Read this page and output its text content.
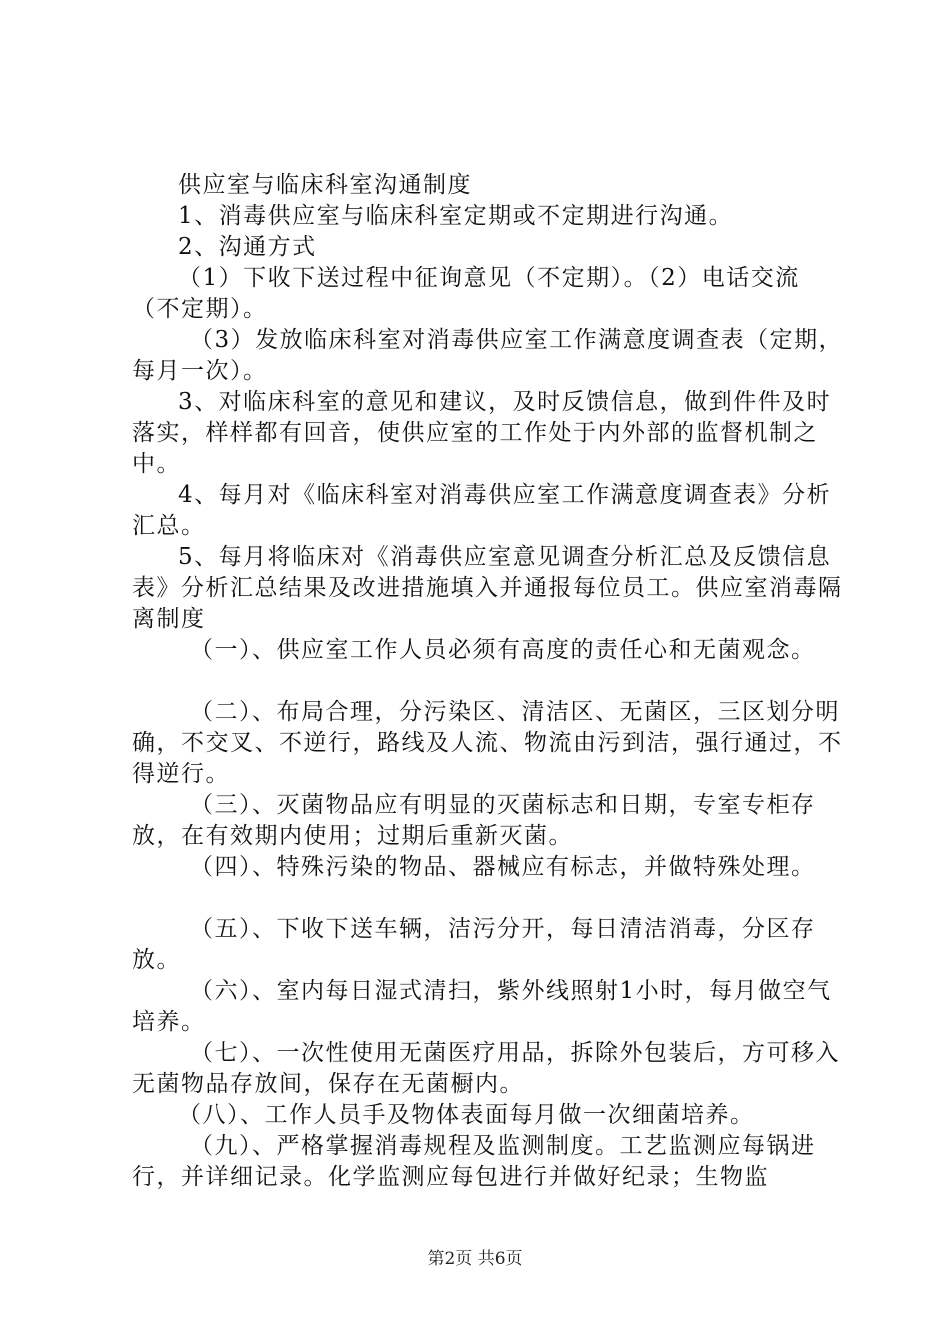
供应室与临床科室沟通制度

1、消毒供应室与临床科室定期或不定期进行沟通。

2、沟通方式

（1）下收下送过程中征询意见（不定期）。（2）电话交流（不定期）。

（3）发放临床科室对消毒供应室工作满意度调查表（定期，每月一次）。

3、对临床科室的意见和建议，及时反馈信息，做到件件及时落实，样样都有回音，使供应室的工作处于内外部的监督机制之中。

4、每月对《临床科室对消毒供应室工作满意度调查表》分析汇总。

5、每月将临床对《消毒供应室意见调查分析汇总及反馈信息表》分析汇总结果及改进措施填入并通报每位员工。供应室消毒隔离制度

（一）、供应室工作人员必须有高度的责任心和无菌观念。

（二）、布局合理，分污染区、清洁区、无菌区，三区划分明确，不交叉、不逆行，路线及人流、物流由污到洁，强行通过，不得逆行。

（三）、灭菌物品应有明显的灭菌标志和日期，专室专柜存放，在有效期内使用；过期后重新灭菌。

（四）、特殊污染的物品、器械应有标志，并做特殊处理。

（五）、下收下送车辆，洁污分开，每日清洁消毒，分区存放。

（六）、室内每日湿式清扫，紫外线照射1小时，每月做空气培养。

（七）、一次性使用无菌医疗用品，拆除外包装后，方可移入无菌物品存放间，保存在无菌橱内。

（八）、工作人员手及物体表面每月做一次细菌培养。

（九）、严格掌握消毒规程及监测制度。工艺监测应每锅进行，并详细记录。化学监测应每包进行并做好纪录；生物监

第2页 共6页
